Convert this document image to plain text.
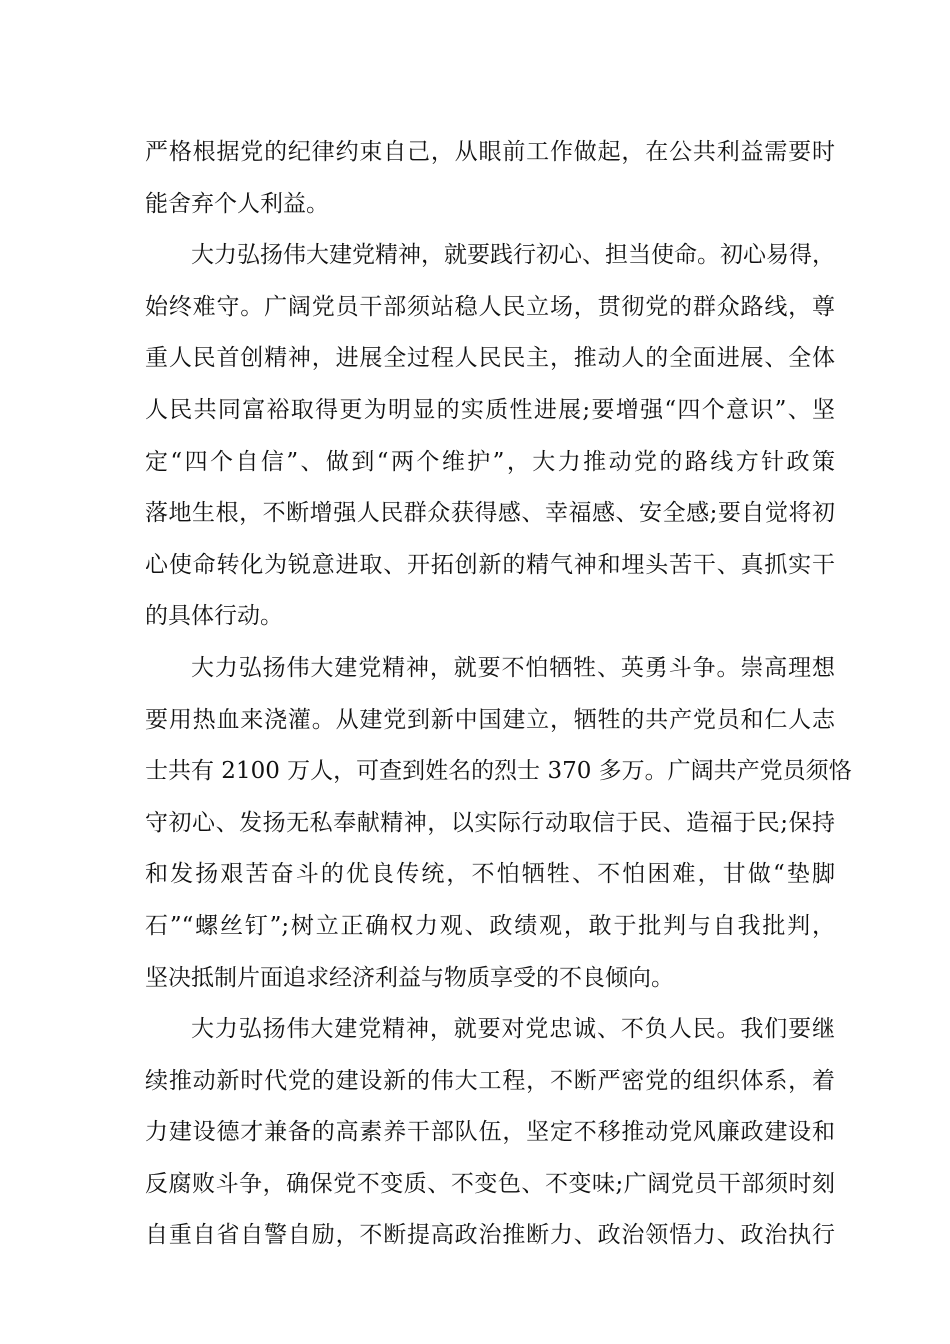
严格根据党的纪律约束自己，从眼前工作做起，在公共利益需要时
能舍弃个人利益。
大力弘扬伟大建党精神，就要践行初心、担当使命。初心易得，
始终难守。广阔党员干部须站稳人民立场，贯彻党的群众路线，尊
重人民首创精神，进展全过程人民民主，推动人的全面进展、全体
人民共同富裕取得更为明显的实质性进展;要增强“四个意识”、坚
定“四个自信”、做到“两个维护”，大力推动党的路线方针政策
落地生根，不断增强人民群众获得感、幸福感、安全感;要自觉将初
心使命转化为锐意进取、开拓创新的精气神和埋头苦干、真抓实干
的具体行动。
大力弘扬伟大建党精神，就要不怕牺牲、英勇斗争。崇高理想
要用热血来浇灌。从建党到新中国建立，牺牲的共产党员和仁人志
士共有 2100 万人，可查到姓名的烈士 370 多万。广阔共产党员须恪
守初心、发扬无私奉献精神，以实际行动取信于民、造福于民;保持
和发扬艰苦奋斗的优良传统，不怕牺牲、不怕困难，甘做“垫脚
石”“螺丝钉”;树立正确权力观、政绩观，敢于批判与自我批判，
坚决抵制片面追求经济利益与物质享受的不良倾向。
大力弘扬伟大建党精神，就要对党忠诚、不负人民。我们要继
续推动新时代党的建设新的伟大工程，不断严密党的组织体系，着
力建设德才兼备的高素养干部队伍，坚定不移推动党风廉政建设和
反腐败斗争，确保党不变质、不变色、不变味;广阔党员干部须时刻
自重自省自警自励，不断提高政治推断力、政治领悟力、政治执行
